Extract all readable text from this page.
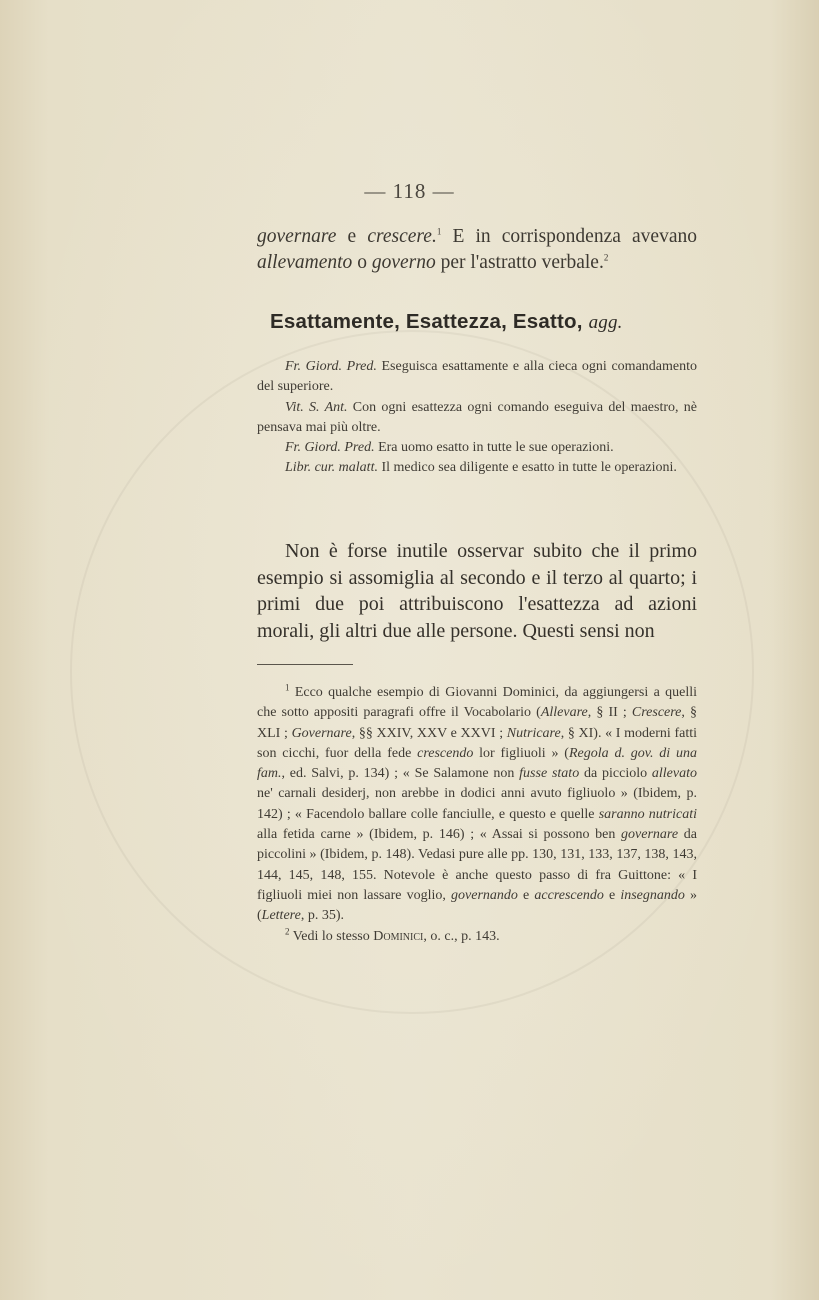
— 118 —
governare e crescere.$^1$ E in corrispondenza avevano
allevamento o governo per l'astratto verbale.$^2$
Esattamente, Esattezza, Esatto, agg.

Fr. Giord. Pred. Eseguisca esattamente e alla cieca ogni comandamento del superiore.

Vit. S. Ant. Con ogni esattezza ogni comando eseguiva del maestro, nè pensava mai più oltre.

Fr. Giord. Pred. Era uomo esatto in tutte le sue operazioni.

Libr. cur. malatt. Il medico sea diligente e esatto in tutte le operazioni.

Non è forse inutile osservar subito che il primo esempio si assomiglia al secondo e il terzo al quarto; i primi due poi attribuiscono l'esattezza ad azioni morali, gli altri due alle persone. Questi sensi non

$^1$ Ecco qualche esempio di Giovanni Dominici, da aggiungersi a quelli che sotto appositi paragrafi offre il Vocabolario (Allevare, § II ; Crescere, § XLI ; Governare, §§ XXIV, XXV e XXVI ; Nutricare, § XI). « I moderni fatti son cicchi, fuor della fede crescendo lor figliuoli » (Regola d. gov. di una fam., ed. Salvi, p. 134) ; « Se Salamone non fusse stato da picciolo allevato ne' carnali desiderj, non arebbe in dodici anni avuto figliuolo » (Ibidem, p. 142) ; « Facendolo ballare colle fanciulle, e questo e quelle saranno nutricati alla fetida carne » (Ibidem, p. 146) ; « Assai si possono ben governare da piccolini » (Ibidem, p. 148). Vedasi pure alle pp. 130, 131, 133, 137, 138, 143, 144, 145, 148, 155. Notevole è anche questo passo di fra Guittone: « I figliuoli miei non lassare voglio, governando e accrescendo e insegnando » (Lettere, p. 35).

$^2$ Vedi lo stesso Dominici, o. c., p. 143.
